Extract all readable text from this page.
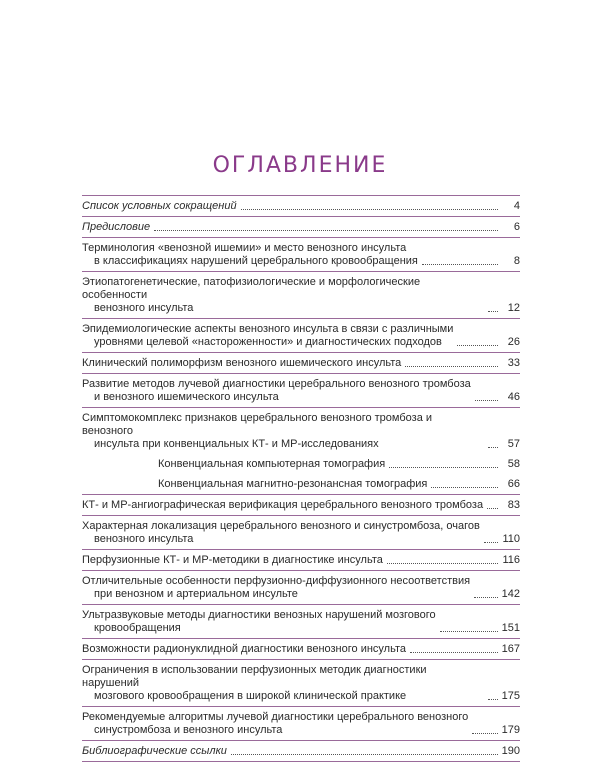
ОГЛАВЛЕНИЕ
Список условных сокращений	4
Предисловие	6
Терминология «венозной ишемии» и место венозного инсульта
в классификациях нарушений церебрального кровообращения	8
Этиопатогенетические, патофизиологические и морфологические особенности
венозного инсульта	12
Эпидемиологические аспекты венозного инсульта в связи с различными
уровнями целевой «настороженности» и диагностических подходов	26
Клинический полиморфизм венозного ишемического инсульта	33
Развитие методов лучевой диагностики церебрального венозного тромбоза
и венозного ишемического инсульта	46
Симптомокомплекс признаков церебрального венозного тромбоза и венозного
инсульта при конвенциальных КТ- и МР-исследованиях	57
Конвенциальная компьютерная томография	58
Конвенциальная магнитно-резонансная томография	66
КТ- и МР-ангиографическая верификация церебрального венозного тромбоза	83
Характерная локализация церебрального венозного и синустромбоза, очагов
венозного инсульта	110
Перфузионные КТ- и МР-методики в диагностике инсульта	116
Отличительные особенности перфузионно-диффузионного несоответствия
при венозном и артериальном инсульте	142
Ультразвуковые методы диагностики венозных нарушений мозгового
кровообращения	151
Возможности радионуклидной диагностики венозного инсульта	167
Ограничения в использовании перфузионных методик диагностики нарушений
мозгового кровообращения в широкой клинической практике	175
Рекомендуемые алгоритмы лучевой диагностики церебрального венозного
синустромбоза и венозного инсульта	179
Библиографические ссылки	190
